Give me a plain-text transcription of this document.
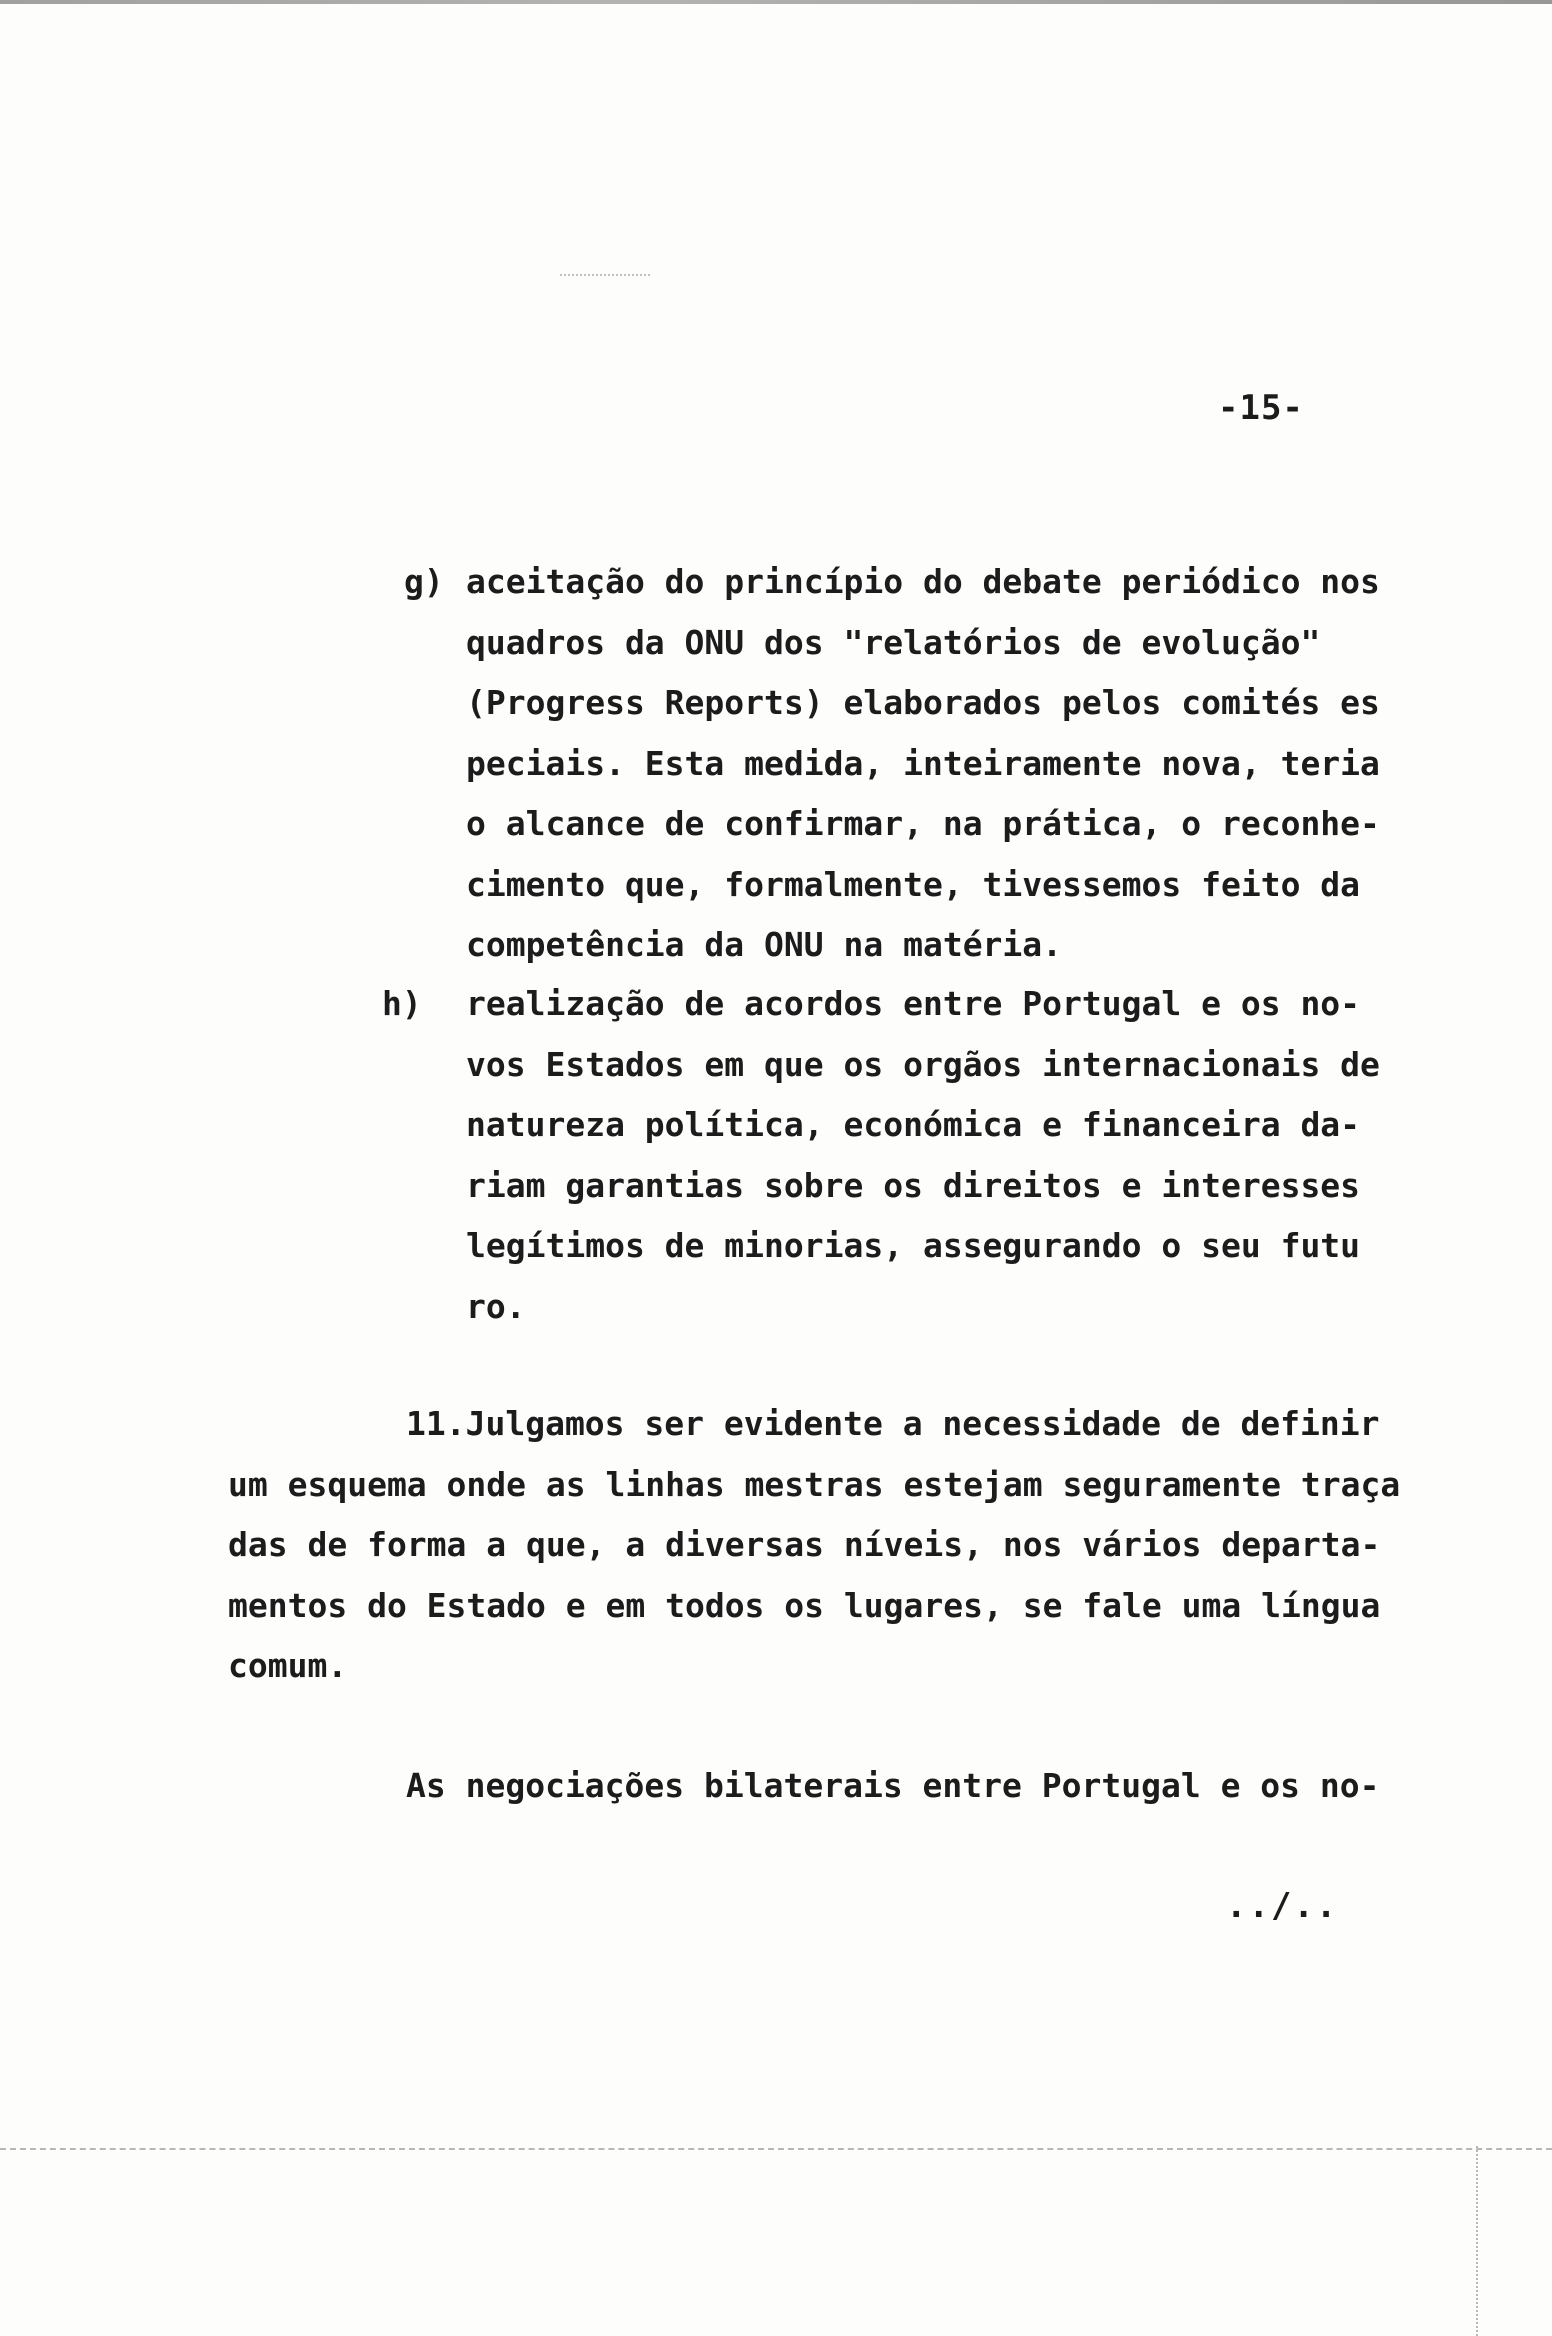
-15-
g) aceitação do princípio do debate periódico nos
quadros da ONU dos "relatórios de evolução"
(Progress Reports) elaborados pelos comités es
peciais. Esta medida, inteiramente nova, teria
o alcance de confirmar, na prática, o reconhe-
cimento que, formalmente, tivessemos feito da
competência da ONU na matéria.
h) realização de acordos entre Portugal e os no-
vos Estados em que os orgãos internacionais de
natureza política, económica e financeira da-
riam garantias sobre os direitos e interesses
legítimos de minorias, assegurando o seu futu
ro.
11.Julgamos ser evidente a necessidade de definir
um esquema onde as linhas mestras estejam seguramente traça
das de forma a que, a diversas níveis, nos vários departa-
mentos do Estado e em todos os lugares, se fale uma língua
comum.
As negociações bilaterais entre Portugal e os no-
../..
